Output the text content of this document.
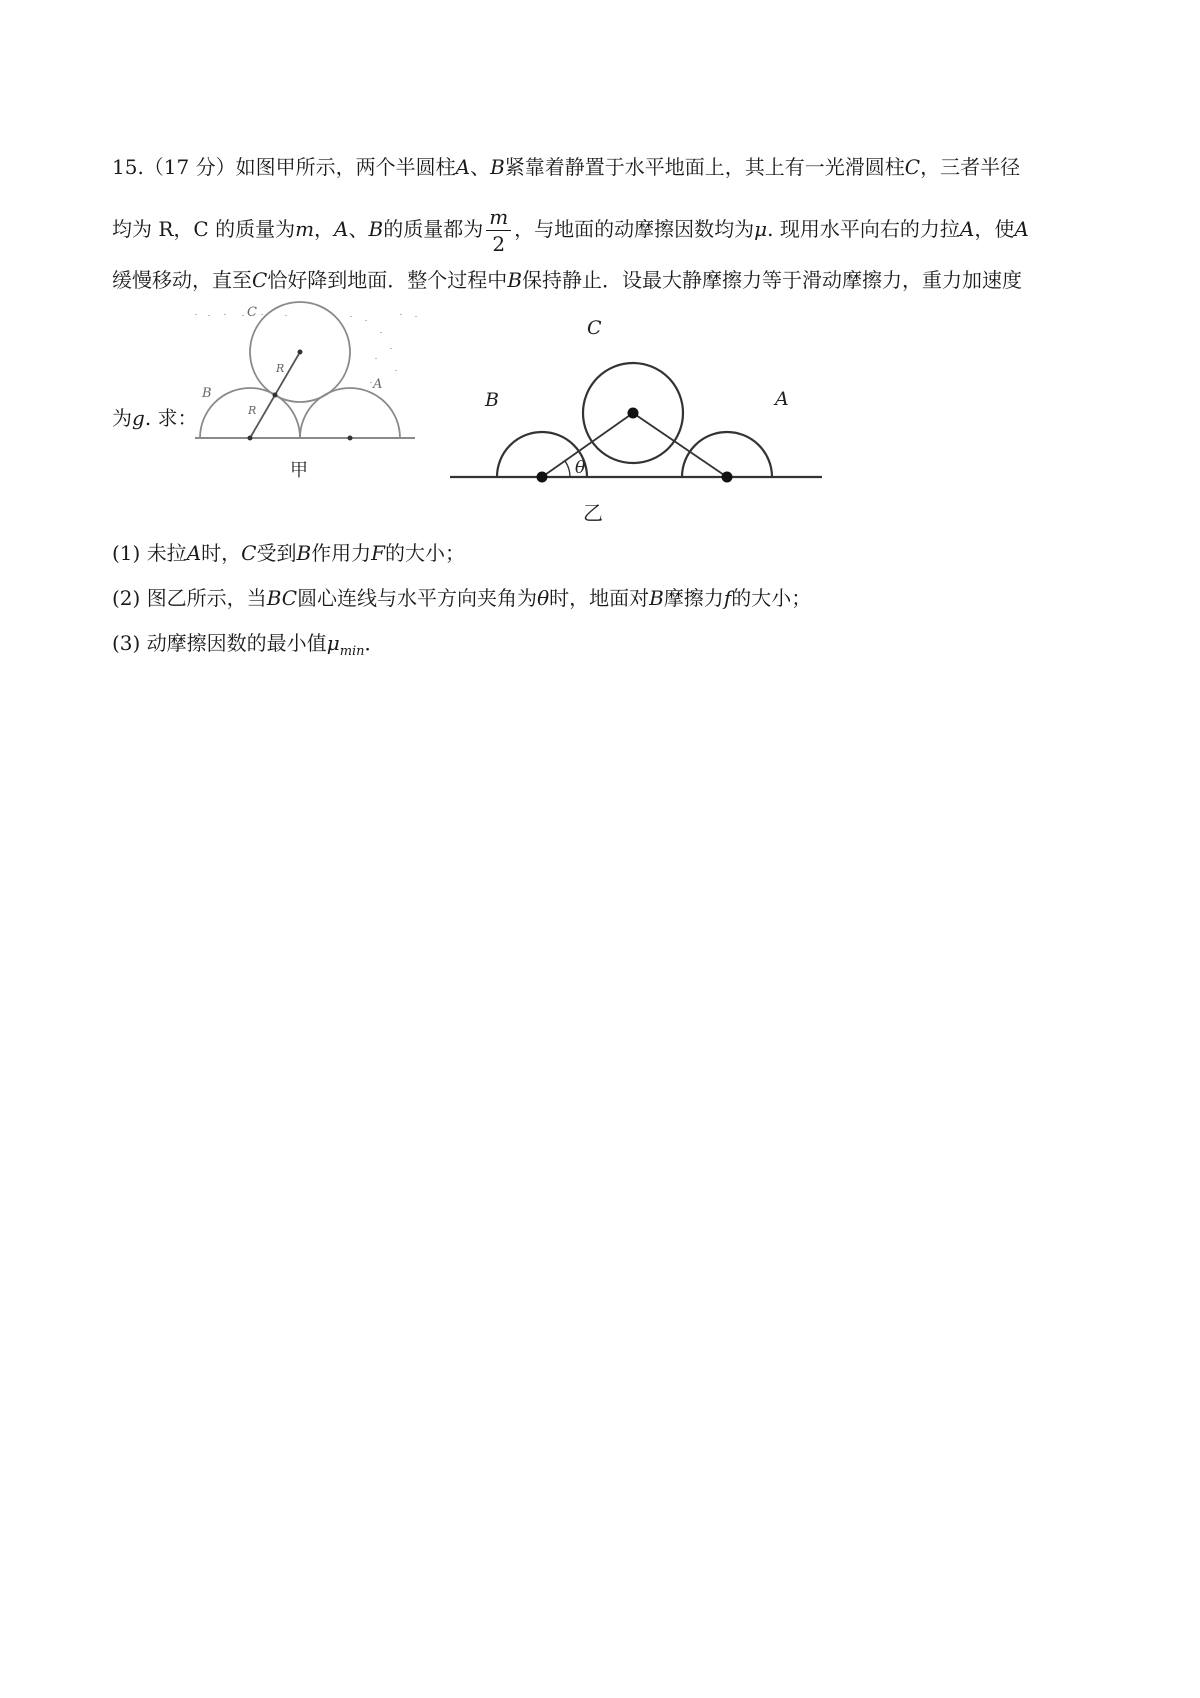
15.（17 分）如图甲所示，两个半圆柱A、B紧靠着静置于水平地面上，其上有一光滑圆柱C，三者半径
均为 R，C 的质量为m，A、B的质量都为 $\frac{m}{2}$ ，与地面的动摩擦因数均为μ. 现用水平向右的力拉A，使A
缓慢移动，直至C恰好降到地面．整个过程中B保持静止．设最大静摩擦力等于滑动摩擦力，重力加速度
为g. 求：
C
B
A
R
R
甲
C
B	A
θ
乙
(1) 未拉A时，C受到B作用力F的大小；
(2) 图乙所示，当BC圆心连线与水平方向夹角为θ时，地面对B摩擦力f的大小；
(3) 动摩擦因数的最小值$\mu_{min}$．
